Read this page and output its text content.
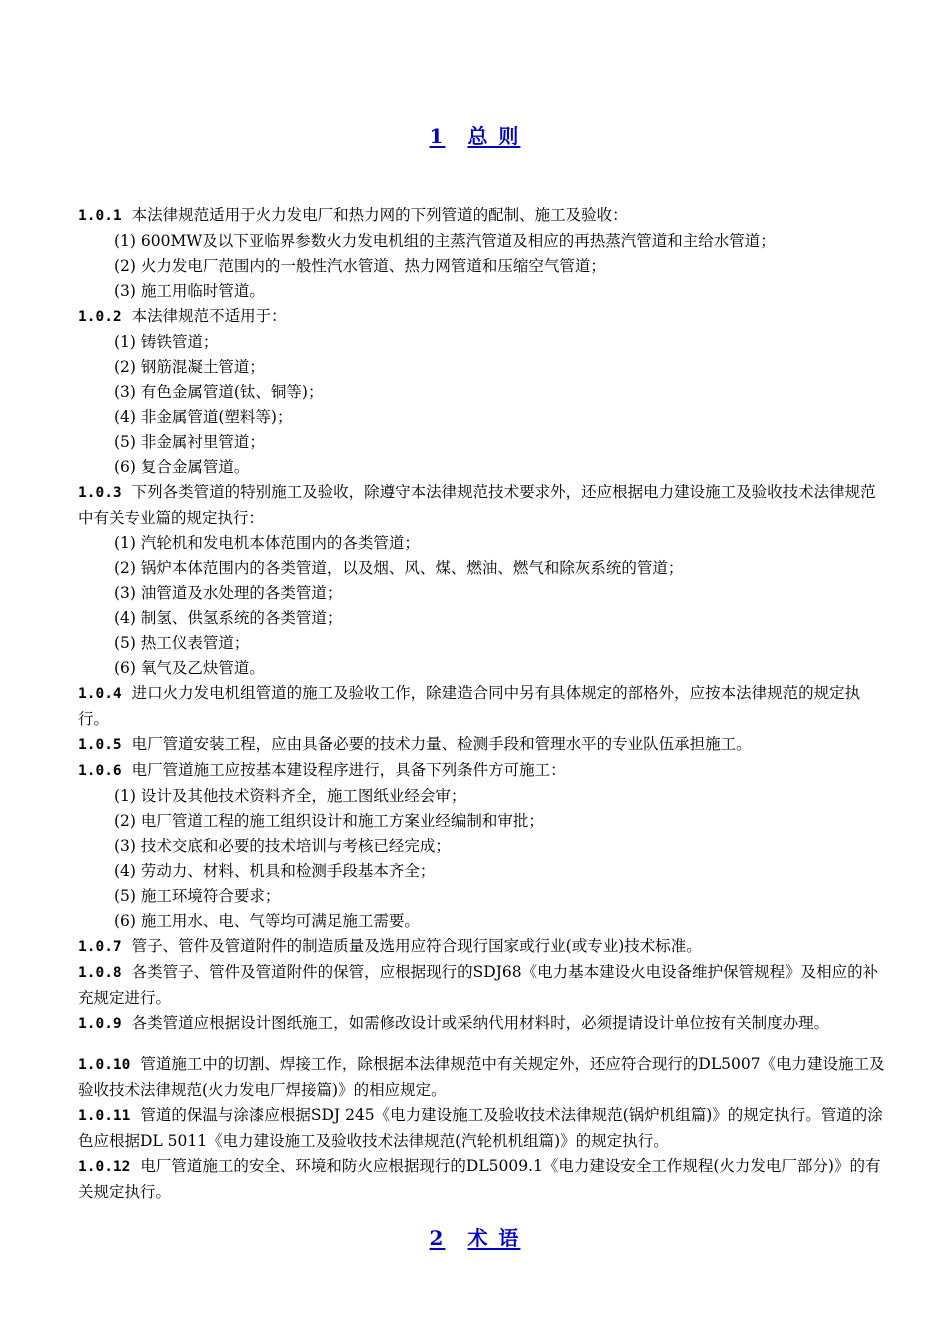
1 总 则

1.0.1 本法律规范适用于火力发电厂和热力网的下列管道的配制、施工及验收：

(1) 600MW及以下亚临界参数火力发电机组的主蒸汽管道及相应的再热蒸汽管道和主给水管道；

(2) 火力发电厂范围内的一般性汽水管道、热力网管道和压缩空气管道；

(3) 施工用临时管道。

1.0.2 本法律规范不适用于：

(1) 铸铁管道；

(2) 钢筋混凝土管道；

(3) 有色金属管道(钛、铜等)；

(4) 非金属管道(塑料等)；

(5) 非金属衬里管道；

(6) 复合金属管道。

1.0.3 下列各类管道的特别施工及验收，除遵守本法律规范技术要求外，还应根据电力建设施工及验收技术法律规范中有关专业篇的规定执行：

(1) 汽轮机和发电机本体范围内的各类管道；

(2) 锅炉本体范围内的各类管道，以及烟、风、煤、燃油、燃气和除灰系统的管道；

(3) 油管道及水处理的各类管道；

(4) 制氢、供氢系统的各类管道；

(5) 热工仪表管道；

(6) 氧气及乙炔管道。

1.0.4 进口火力发电机组管道的施工及验收工作，除建造合同中另有具体规定的部格外，应按本法律规范的规定执行。

1.0.5 电厂管道安装工程，应由具备必要的技术力量、检测手段和管理水平的专业队伍承担施工。

1.0.6 电厂管道施工应按基本建设程序进行，具备下列条件方可施工：

(1) 设计及其他技术资料齐全，施工图纸业经会审；

(2) 电厂管道工程的施工组织设计和施工方案业经编制和审批；

(3) 技术交底和必要的技术培训与考核已经完成；

(4) 劳动力、材料、机具和检测手段基本齐全；

(5) 施工环境符合要求；

(6) 施工用水、电、气等均可满足施工需要。

1.0.7 管子、管件及管道附件的制造质量及选用应符合现行国家或行业(或专业)技术标准。

1.0.8 各类管子、管件及管道附件的保管，应根据现行的SDJ68《电力基本建设火电设备维护保管规程》及相应的补充规定进行。

1.0.9 各类管道应根据设计图纸施工，如需修改设计或采纳代用材料时，必须提请设计单位按有关制度办理。

1.0.10 管道施工中的切割、焊接工作，除根据本法律规范中有关规定外，还应符合现行的DL5007《电力建设施工及验收技术法律规范(火力发电厂焊接篇)》的相应规定。

1.0.11 管道的保温与涂漆应根据SDJ 245《电力建设施工及验收技术法律规范(锅炉机组篇)》的规定执行。管道的涂色应根据DL 5011《电力建设施工及验收技术法律规范(汽轮机机组篇)》的规定执行。

1.0.12 电厂管道施工的安全、环境和防火应根据现行的DL5009.1《电力建设安全工作规程(火力发电厂部分)》的有关规定执行。

2 术 语
